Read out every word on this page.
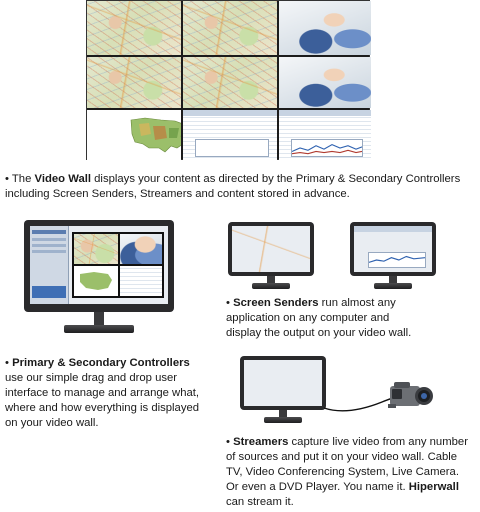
• The Video Wall displays your content as directed by the Primary & Secondary Controllers including Screen Senders, Streamers and content stored in advance.
• Screen Senders run almost any application on any computer and display the output on your video wall.
• Primary & Secondary Controllers use our simple drag and drop user interface to manage and arrange what, where and how everything is displayed on your video wall.
• Streamers capture live video from any number of sources and put it on your video wall. Cable TV, Video Conferencing System, Live Camera. Or even a DVD Player. You name it. Hiperwall can stream it.
